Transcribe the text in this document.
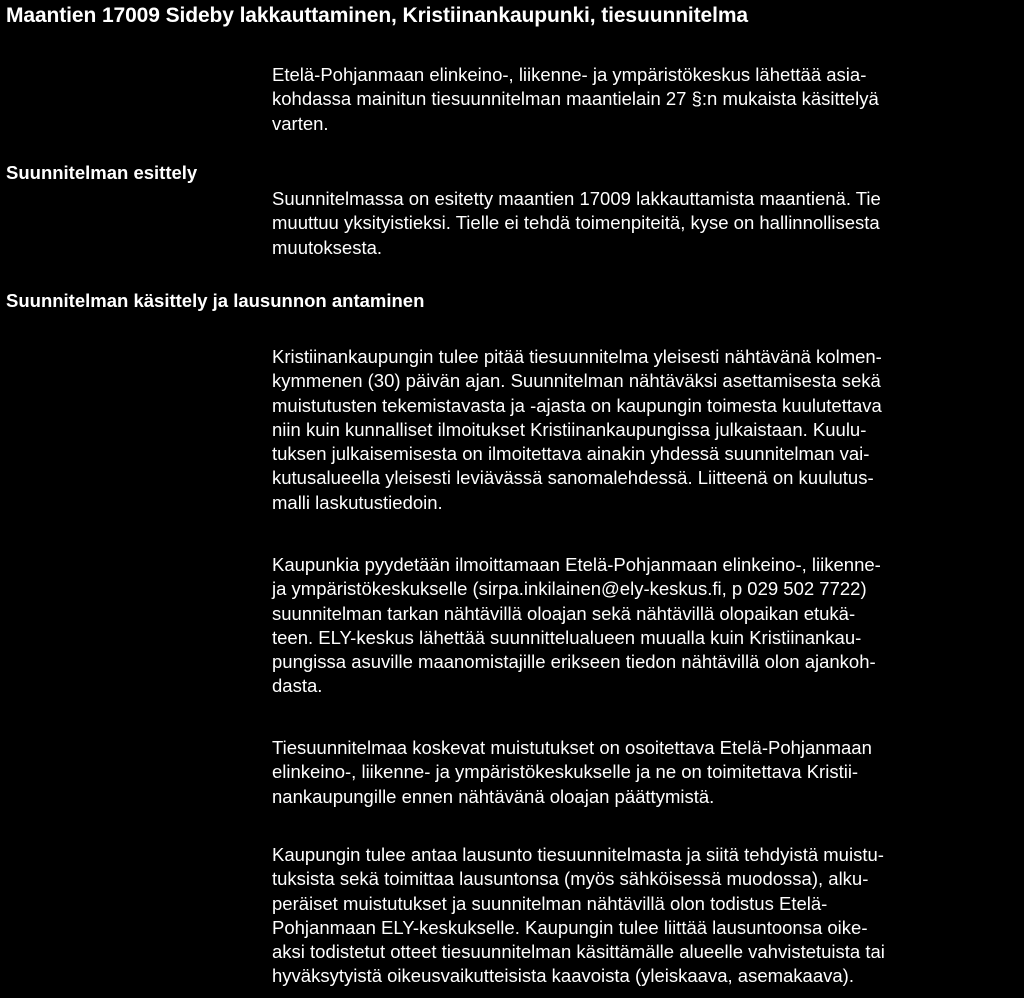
Maantien 17009 Sideby lakkauttaminen, Kristiinankaupunki, tiesuunnitelma

Etelä-Pohjanmaan elinkeino-, liikenne- ja ympäristökeskus lähettää asia-
kohdassa mainitun tiesuunnitelman maantielain 27 §:n mukaista käsittelyä
varten.

Suunnitelman esittely

Suunnitelmassa on esitetty maantien 17009 lakkauttamista maantienä. Tie
muuttuu yksityistieksi. Tielle ei tehdä toimenpiteitä, kyse on hallinnollisesta
muutoksesta.

Suunnitelman käsittely ja lausunnon antaminen

Kristiinankaupungin tulee pitää tiesuunnitelma yleisesti nähtävänä kolmen-
kymmenen (30) päivän ajan. Suunnitelman nähtäväksi asettamisesta sekä
muistutusten tekemistavasta ja -ajasta on kaupungin toimesta kuulutettava
niin kuin kunnalliset ilmoitukset Kristiinankaupungissa julkaistaan. Kuulu-
tuksen julkaisemisesta on ilmoitettava ainakin yhdessä suunnitelman vai-
kutusalueella yleisesti leviävässä sanomalehdessä. Liitteenä on kuulutus-
malli laskutustiedoin.

Kaupunkia pyydetään ilmoittamaan Etelä-Pohjanmaan elinkeino-, liikenne-
ja ympäristökeskukselle (sirpa.inkilainen@ely-keskus.fi, p 029 502 7722)
suunnitelman tarkan nähtävillä oloajan sekä nähtävillä olopaikan etukä-
teen. ELY-keskus lähettää suunnittelualueen muualla kuin Kristiinankau-
pungissa asuville maanomistajille erikseen tiedon nähtävillä olon ajankoh-
dasta.

Tiesuunnitelmaa koskevat muistutukset on osoitettava Etelä-Pohjanmaan
elinkeino-, liikenne- ja ympäristökeskukselle ja ne on toimitettava Kristii-
nankaupungille ennen nähtävänä oloajan päättymistä.

Kaupungin tulee antaa lausunto tiesuunnitelmasta ja siitä tehdyistä muistu-
tuksista sekä toimittaa lausuntonsa (myös sähköisessä muodossa), alku-
peräiset muistutukset ja suunnitelman nähtävillä olon todistus Etelä-
Pohjanmaan ELY-keskukselle. Kaupungin tulee liittää lausuntoonsa oike-
aksi todistetut otteet tiesuunnitelman käsittämälle alueelle vahvistetuista tai
hyväksytyistä oikeusvaikutteisista kaavoista (yleiskaava, asemakaava).
